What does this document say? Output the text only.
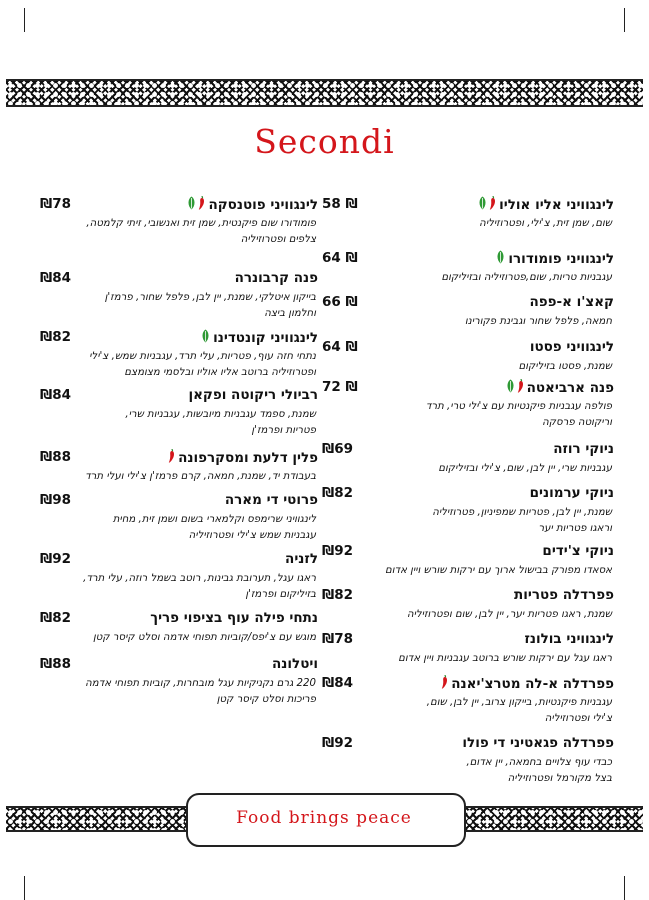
Secondi
לינגוויני אליו אוליו
58 ₪
שום, שמן זית, צ'ילי, ופטרוזיליה
לינגוויני פומודורו
64 ₪
עגבניות טריות, שום,פטרוזיליה ובזיליקום
קאצ'ו א-פפה
66 ₪
חמאה, פלפל שחור וגבינת פקורינו
לינגוויני פסטו
64 ₪
שמנת, פסטו בזיליקום
פנה ארביאטה
72 ₪
פולפה עגבניות פיקנטיות עם צ'ילי טרי, תרד
וריקוטה פרסקה
ניוקי רוזה
₪69
עגבניות שרי, יין לבן, שום, צ'ילי ובזיליקום
ניוקי ערמונים
₪82
שמנת, יין לבן, פטריות שמפיניון, פטרוזיליה
וראגו פטריות יער
ניוקי צ'ידים
₪92
אסאדו מפורק בבישול ארוך עם ירקות שורש ויין אדום
פפרדלה פטריות
₪82
שמנת, ראגו פטריות יער, יין לבן, שום ופטרוזיליה
לינגוויני בולונז
₪78
ראגו עגל עם ירקות שורש ברוטב עגבניות ויין אדום
פפרדלה א-לה מטרצ'יאנה
₪84
עגבניות פיקנטיות, בייקון צרוב, יין לבן, שום,
צ'ילי ופטרוזיליה
פפרדלה פגאטיני די פולו
₪92
כבדי עוף צלויים בחמאה, יין אדום,
בצל מקורמל ופטרוזיליה
לינגוויני פוטנסקה
₪78
פומודורו שום פיקנטית, שמן זית ואנשובי, זיתי קלמטה,
צלפים ופטרוזיליה
פנה קרבונרה
₪84
בייקון איטלקי, שמנת, יין לבן, פלפל שחור, פרמז'ן
וחלמון ביצה
לינגוויני קונטדינו
₪82
נתחי חזה עוף, פטריות, עלי תרד, עגבניות שמש, צ'ילי
ופטרוזיליה ברוטב אליו אוליו ובלסמי מצומצם
רביולי ריקוטה ופקאן
₪84
שמנת, ספמד עגבניות מיובשות, עגבניות שרי,
פטריות ופרמז'ן
פלין דלעת ומסקרפונה
₪88
בעבודת יד, שמנת, חמאה, קרם פרמז'ן צ'ילי ועלי תרד
פרוטי די מארה
₪98
לינגוויני שרימפס וקלמארי בשום ושמן זית, מחית
עגבניות שמש צ'ילי ופטרוזיליה
לזניה
₪92
ראגו עגל, תערובת גבינות, רוטב בשמל רוזה, עלי תרד,
בזיליקום ופרמז'ן
נתחי פילה עוף בציפוי פריך
₪82
מוגש עם צ'יפס/קוביות תפוחי אדמה וסלט קיסר קטן
ויטלונה
₪88
220 גרם נקניקיות עגל מובחרות, קוביות תפוחי אדמה
פריכות וסלט קיסר קטן
Food brings peace
